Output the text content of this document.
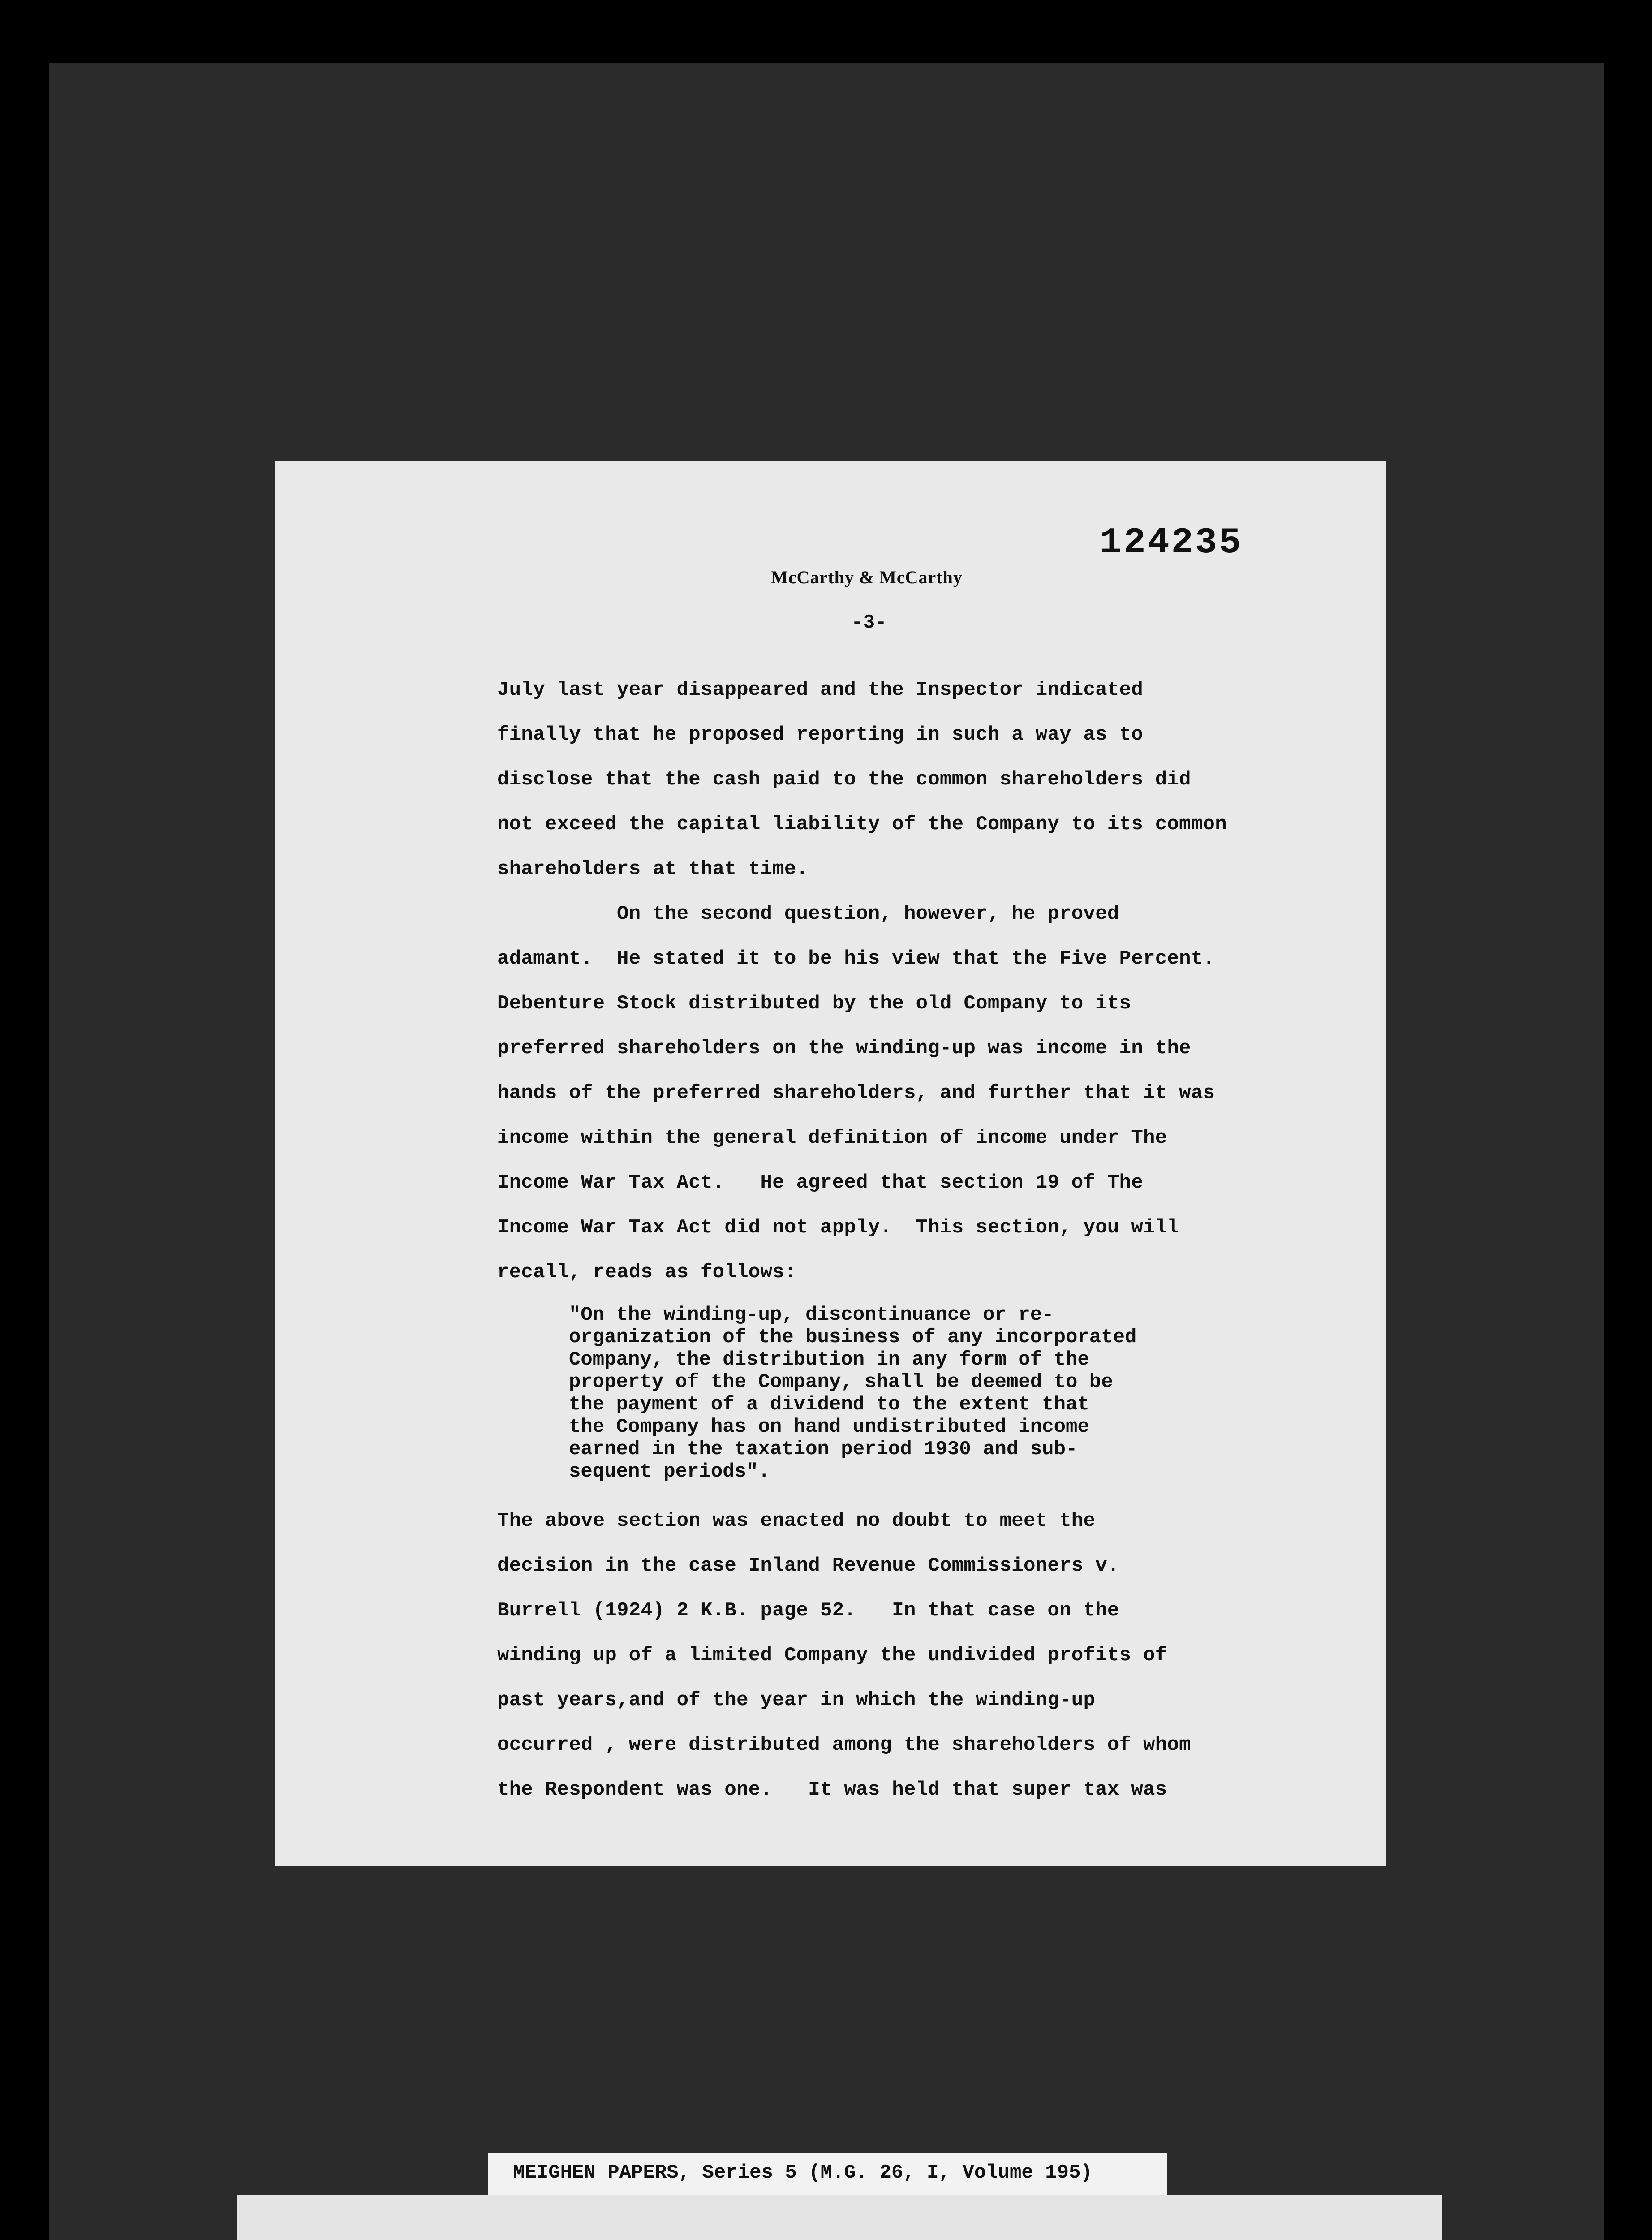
McCarthy & McCarthy
124235
-3-
July last year disappeared and the Inspector indicated
finally that he proposed reporting in such a way as to
disclose that the cash paid to the common shareholders did
not exceed the capital liability of the Company to its common
shareholders at that time.
On the second question, however, he proved
adamant.  He stated it to be his view that the Five Percent.
Debenture Stock distributed by the old Company to its
preferred shareholders on the winding-up was income in the
hands of the preferred shareholders, and further that it was
income within the general definition of income under The
Income War Tax Act.   He agreed that section 19 of The
Income War Tax Act did not apply.  This section, you will
recall, reads as follows:
"On the winding-up, discontinuance or re-
organization of the business of any incorporated
Company, the distribution in any form of the
property of the Company, shall be deemed to be
the payment of a dividend to the extent that
the Company has on hand undistributed income
earned in the taxation period 1930 and sub-
sequent periods".
The above section was enacted no doubt to meet the
decision in the case Inland Revenue Commissioners v.
Burrell (1924) 2 K.B. page 52.   In that case on the
winding up of a limited Company the undivided profits of
past years,and of the year in which the winding-up
occurred , were distributed among the shareholders of whom
the Respondent was one.   It was held that super tax was
MEIGHEN PAPERS, Series 5 (M.G. 26, I, Volume 195)
